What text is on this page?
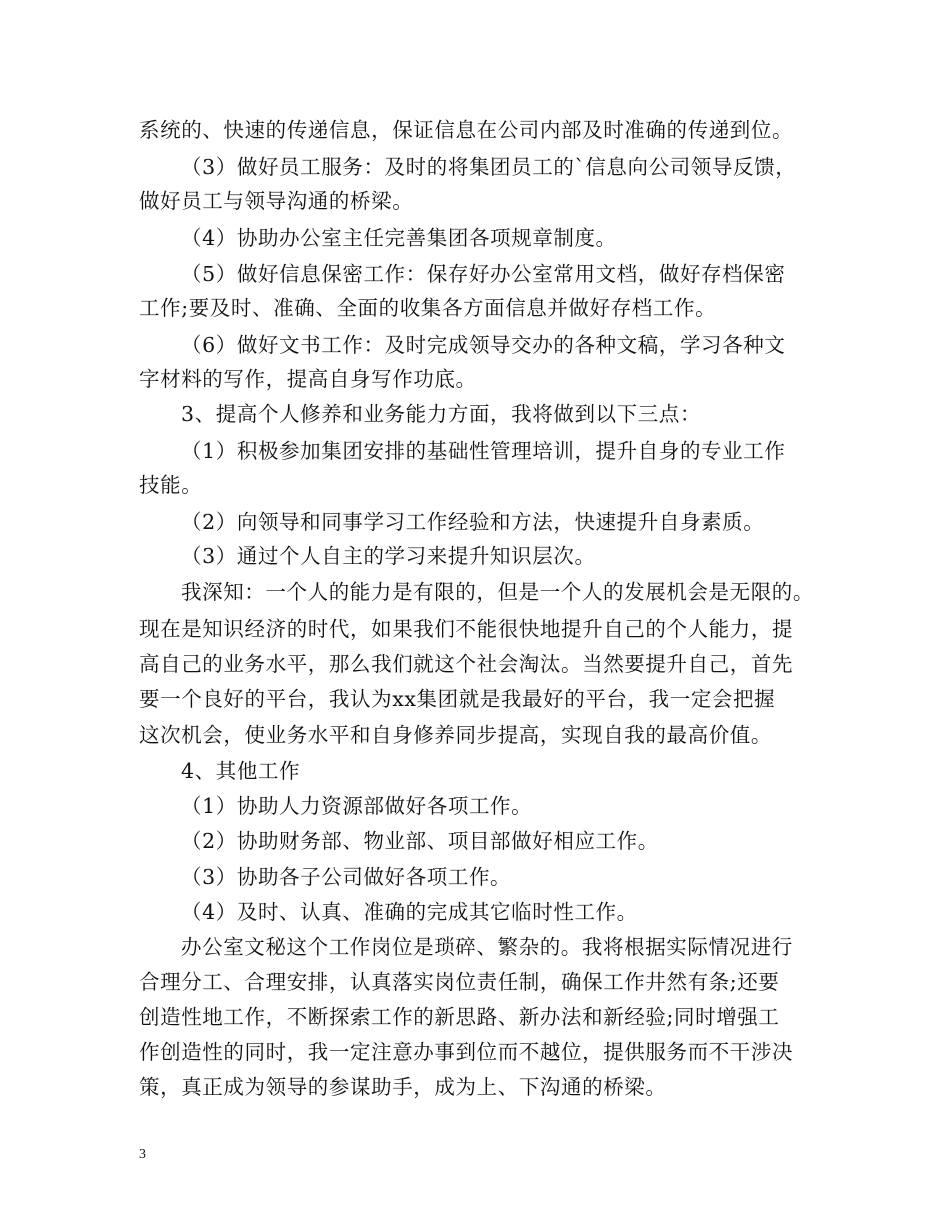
系统的、快速的传递信息，保证信息在公司内部及时准确的传递到位。
（3）做好员工服务：及时的将集团员工的`信息向公司领导反馈，
做好员工与领导沟通的桥梁。
（4）协助办公室主任完善集团各项规章制度。
（5）做好信息保密工作：保存好办公室常用文档，做好存档保密
工作;要及时、准确、全面的收集各方面信息并做好存档工作。
（6）做好文书工作：及时完成领导交办的各种文稿，学习各种文
字材料的写作，提高自身写作功底。
3、提高个人修养和业务能力方面，我将做到以下三点：
（1）积极参加集团安排的基础性管理培训，提升自身的专业工作
技能。
（2）向领导和同事学习工作经验和方法，快速提升自身素质。
（3）通过个人自主的学习来提升知识层次。
我深知：一个人的能力是有限的，但是一个人的发展机会是无限的。
现在是知识经济的时代，如果我们不能很快地提升自己的个人能力，提
高自己的业务水平，那么我们就这个社会淘汰。当然要提升自己，首先
要一个良好的平台，我认为xx集团就是我最好的平台，我一定会把握
这次机会，使业务水平和自身修养同步提高，实现自我的最高价值。
4、其他工作
（1）协助人力资源部做好各项工作。
（2）协助财务部、物业部、项目部做好相应工作。
（3）协助各子公司做好各项工作。
（4）及时、认真、准确的完成其它临时性工作。
办公室文秘这个工作岗位是琐碎、繁杂的。我将根据实际情况进行
合理分工、合理安排，认真落实岗位责任制，确保工作井然有条;还要
创造性地工作，不断探索工作的新思路、新办法和新经验;同时增强工
作创造性的同时，我一定注意办事到位而不越位，提供服务而不干涉决
策，真正成为领导的参谋助手，成为上、下沟通的桥梁。
3
